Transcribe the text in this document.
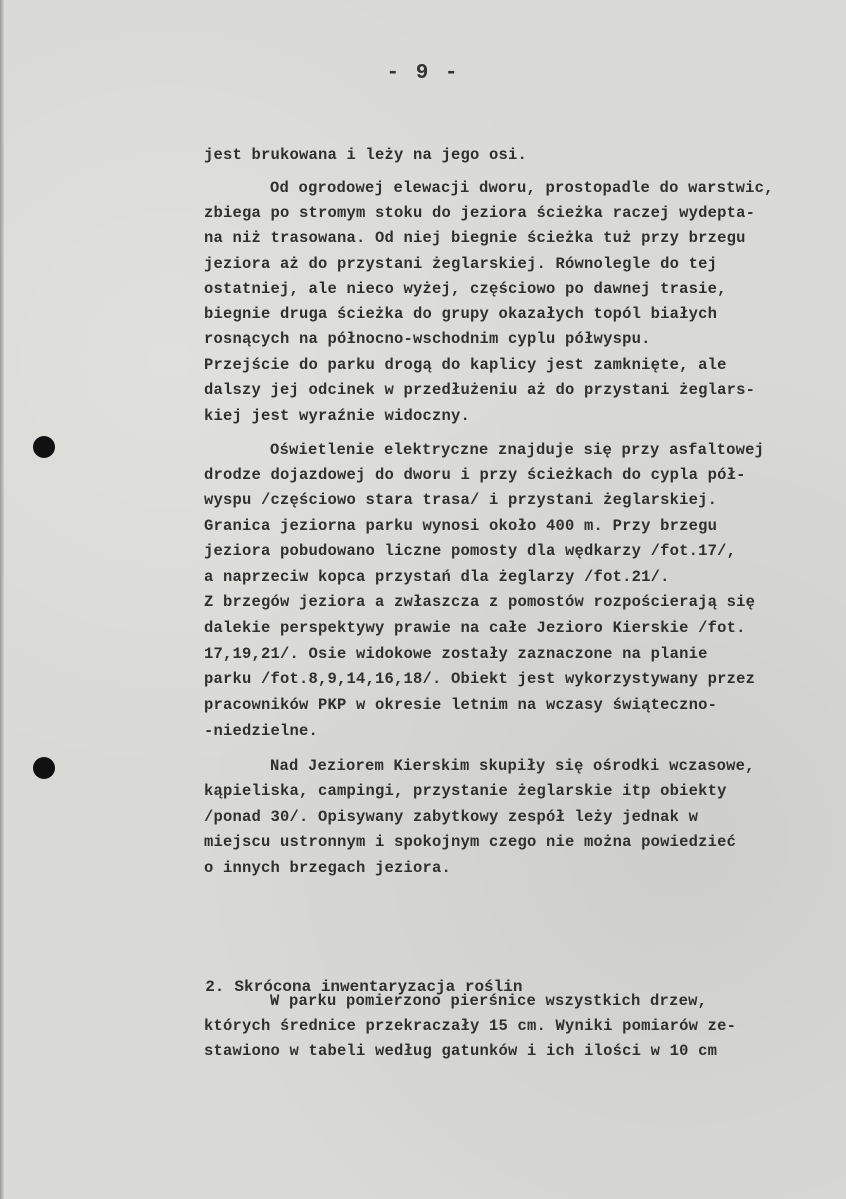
- 9 -
jest brukowana i leży na jego osi.
Od ogrodowej elewacji dworu, prostopadle do warstwic,
zbiega po stromym stoku do jeziora ścieżka raczej wydepta-
na niż trasowana. Od niej biegnie ścieżka tuż przy brzegu
jeziora aż do przystani żeglarskiej. Równolegle do tej
ostatniej, ale nieco wyżej, częściowo po dawnej trasie,
biegnie druga ścieżka do grupy okazałych topól białych
rosnących na północno-wschodnim cyplu półwyspu.
Przejście do parku drogą do kaplicy jest zamknięte, ale
dalszy jej odcinek w przedłużeniu aż do przystani żeglars-
kiej jest wyraźnie widoczny.
Oświetlenie elektryczne znajduje się przy asfaltowej
drodze dojazdowej do dworu i przy ścieżkach do cypla pół-
wyspu /częściowo stara trasa/ i przystani żeglarskiej.
Granica jeziorna parku wynosi około 400 m. Przy brzegu
jeziora pobudowano liczne pomosty dla wędkarzy /fot.17/,
a naprzeciw kopca przystań dla żeglarzy /fot.21/.
Z brzegów jeziora a zwłaszcza z pomostów rozpościerają się
dalekie perspektywy prawie na całe Jezioro Kierskie /fot.
17,19,21/. Osie widokowe zostały zaznaczone na planie
parku /fot.8,9,14,16,18/. Obiekt jest wykorzystywany przez
pracowników PKP w okresie letnim na wczasy świąteczno-
-niedzielne.
Nad Jeziorem Kierskim skupiły się ośrodki wczasowe,
kąpieliska, campingi, przystanie żeglarskie itp obiekty
/ponad 30/. Opisywany zabytkowy zespół leży jednak w
miejscu ustronnym i spokojnym czego nie można powiedzieć
o innych brzegach jeziora.

2. Skrócona inwentaryzacja roślin

W parku pomierzono pierśnice wszystkich drzew,
których średnice przekraczały 15 cm. Wyniki pomiarów ze-
stawiono w tabeli według gatunków i ich ilości w 10 cm
